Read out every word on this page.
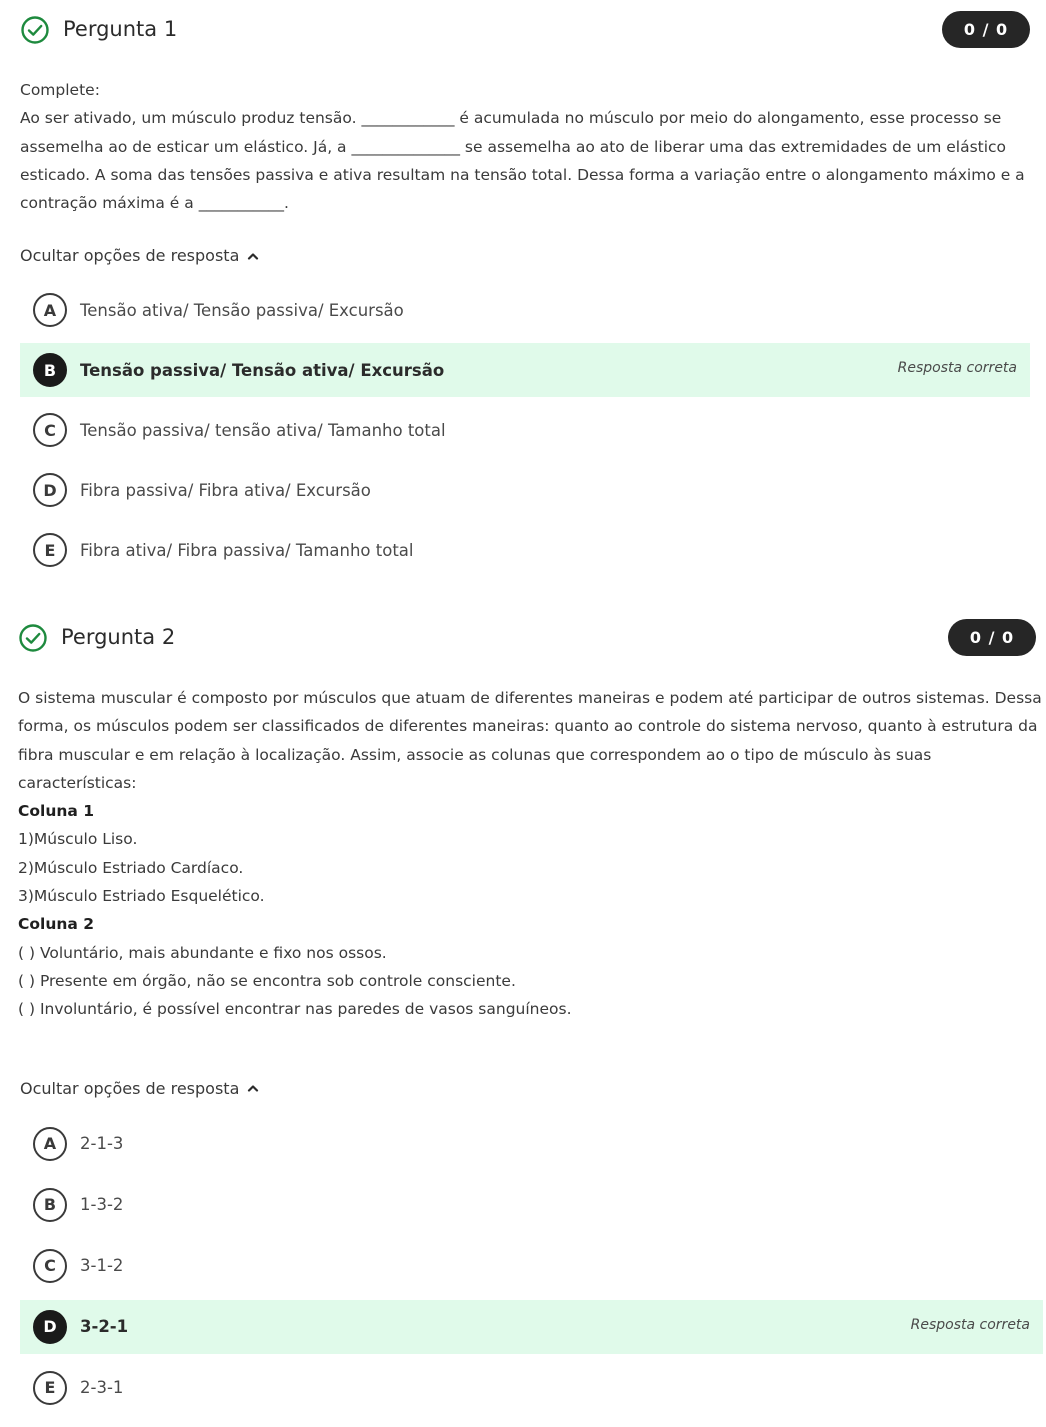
Pergunta 1	0 / 0

Complete:

Ao ser ativado, um músculo produz tensão. ____________ é acumulada no músculo por meio do alongamento, esse processo se assemelha ao de esticar um elástico. Já, a ______________ se assemelha ao ato de liberar uma das extremidades de um elástico esticado. A soma das tensões passiva e ativa resultam na tensão total. Dessa forma a variação entre o alongamento máximo e a contração máxima é a ___________.

Ocultar opções de resposta
A	Tensão ativa/ Tensão passiva/ Excursão
B	Tensão passiva/ Tensão ativa/ Excursão	Resposta correta
C	Tensão passiva/ tensão ativa/ Tamanho total
D	Fibra passiva/ Fibra ativa/ Excursão
E	Fibra ativa/ Fibra passiva/ Tamanho total
Pergunta 2	0 / 0

O sistema muscular é composto por músculos que atuam de diferentes maneiras e podem até participar de outros sistemas. Dessa forma, os músculos podem ser classificados de diferentes maneiras: quanto ao controle do sistema nervoso, quanto à estrutura da fibra muscular e em relação à localização. Assim, associe as colunas que correspondem ao o tipo de músculo às suas características:

Coluna 1

1)Músculo Liso.

2)Músculo Estriado Cardíaco.

3)Músculo Estriado Esquelético.

Coluna 2

( ) Voluntário, mais abundante e fixo nos ossos.

( ) Presente em órgão, não se encontra sob controle consciente.

( ) Involuntário, é possível encontrar nas paredes de vasos sanguíneos.

Ocultar opções de resposta
A	2-1-3
B	1-3-2
C	3-1-2
D	3-2-1	Resposta correta
E	2-3-1
